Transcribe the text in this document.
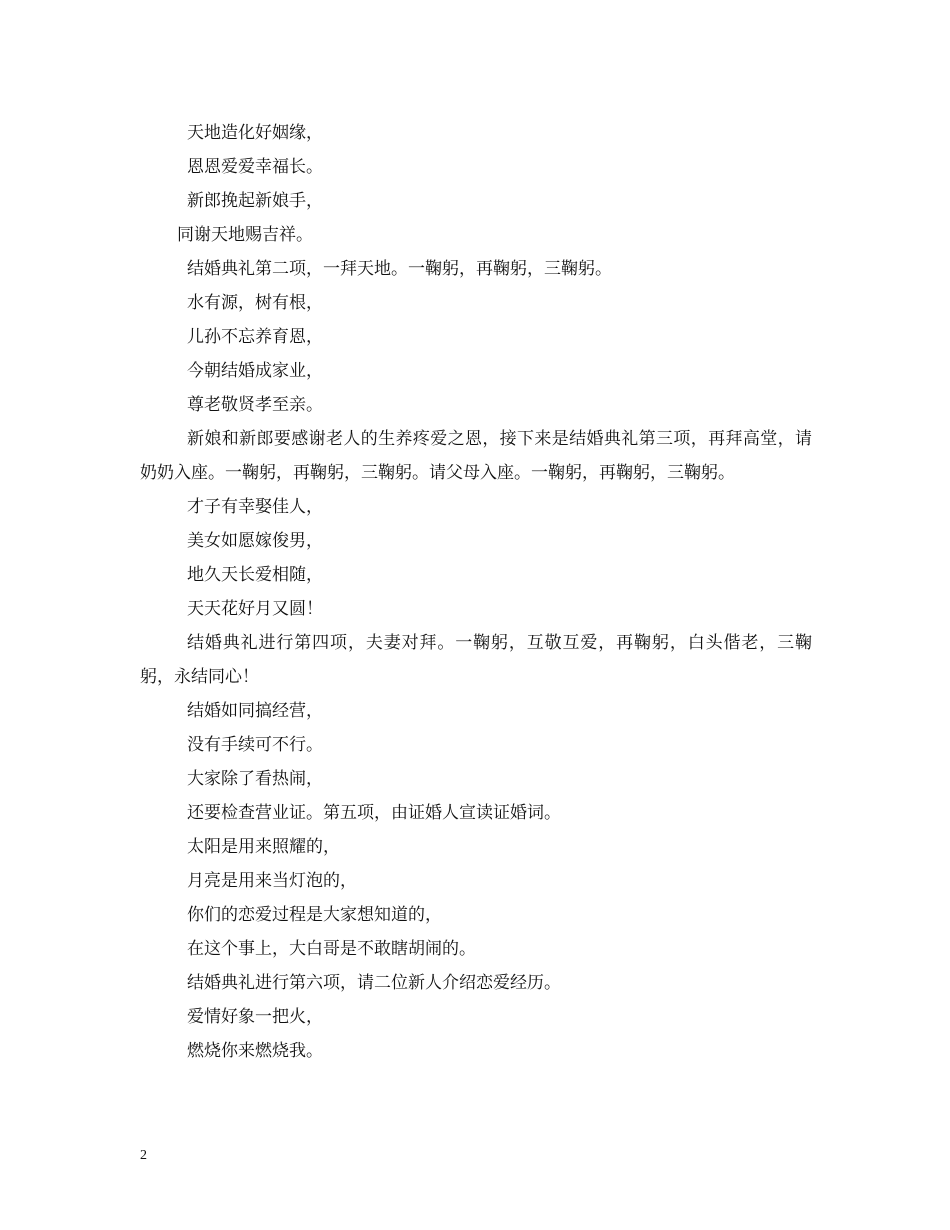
天地造化好姻缘，

恩恩爱爱幸福长。

新郎挽起新娘手，

同谢天地赐吉祥。

结婚典礼第二项，一拜天地。一鞠躬，再鞠躬，三鞠躬。

水有源，树有根，

儿孙不忘养育恩，

今朝结婚成家业，

尊老敬贤孝至亲。

新娘和新郎要感谢老人的生养疼爱之恩，接下来是结婚典礼第三项，再拜高堂，请奶奶入座。一鞠躬，再鞠躬，三鞠躬。请父母入座。一鞠躬，再鞠躬，三鞠躬。

才子有幸娶佳人，

美女如愿嫁俊男，

地久天长爱相随，

天天花好月又圆！

结婚典礼进行第四项，夫妻对拜。一鞠躬，互敬互爱，再鞠躬，白头偕老，三鞠躬，永结同心！

结婚如同搞经营，

没有手续可不行。

大家除了看热闹，

还要检查营业证。第五项，由证婚人宣读证婚词。

太阳是用来照耀的，

月亮是用来当灯泡的，

你们的恋爱过程是大家想知道的，

在这个事上，大白哥是不敢瞎胡闹的。

结婚典礼进行第六项，请二位新人介绍恋爱经历。

爱情好象一把火，

燃烧你来燃烧我。

2
